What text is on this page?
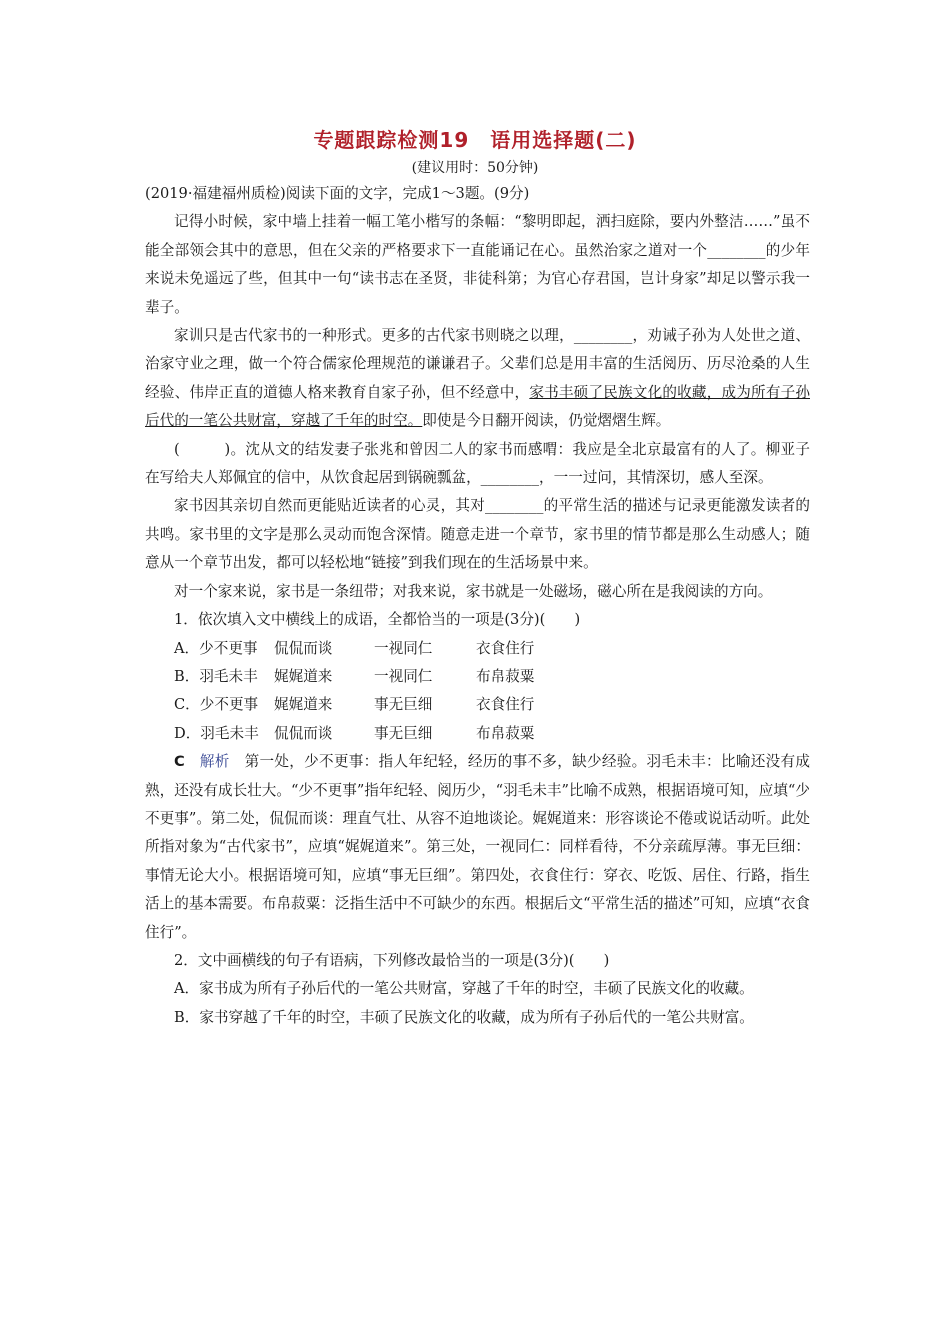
专题跟踪检测19　语用选择题(二)
(建议用时：50分钟)

(2019·福建福州质检)阅读下面的文字，完成1～3题。(9分)

记得小时候，家中墙上挂着一幅工笔小楷写的条幅：“黎明即起，洒扫庭除，要内外整洁……”虽不能全部领会其中的意思，但在父亲的严格要求下一直能诵记在心。虽然治家之道对一个________的少年来说未免遥远了些，但其中一句“读书志在圣贤，非徒科第；为官心存君国，岂计身家”却足以警示我一辈子。

家训只是古代家书的一种形式。更多的古代家书则晓之以理，________，劝诫子孙为人处世之道、治家守业之理，做一个符合儒家伦理规范的谦谦君子。父辈们总是用丰富的生活阅历、历尽沧桑的人生经验、伟岸正直的道德人格来教育自家子孙，但不经意中，家书丰硕了民族文化的收藏，成为所有子孙后代的一笔公共财富，穿越了千年的时空。即使是今日翻开阅读，仍觉熠熠生辉。

(　　　)。沈从文的结发妻子张兆和曾因二人的家书而感喟：我应是全北京最富有的人了。柳亚子在写给夫人郑佩宜的信中，从饮食起居到锅碗瓢盆，________，一一过问，其情深切，感人至深。

家书因其亲切自然而更能贴近读者的心灵，其对________的平常生活的描述与记录更能激发读者的共鸣。家书里的文字是那么灵动而饱含深情。随意走进一个章节，家书里的情节都是那么生动感人；随意从一个章节出发，都可以轻松地“链接”到我们现在的生活场景中来。

对一个家来说，家书是一条纽带；对我来说，家书就是一处磁场，磁心所在是我阅读的方向。

1．依次填入文中横线上的成语，全都恰当的一项是(3分)(　　)

A．少不更事 侃侃而谈	一视同仁	衣食住行

B．羽毛未丰 娓娓道来	一视同仁	布帛菽粟

C．少不更事 娓娓道来	事无巨细	衣食住行

D．羽毛未丰 侃侃而谈	事无巨细	布帛菽粟

C　 解析　 第一处，少不更事：指人年纪轻，经历的事不多，缺少经验。羽毛未丰：比喻还没有成熟，还没有成长壮大。“少不更事”指年纪轻、阅历少，“羽毛未丰”比喻不成熟，根据语境可知，应填“少不更事”。第二处，侃侃而谈：理直气壮、从容不迫地谈论。娓娓道来：形容谈论不倦或说话动听。此处所指对象为“古代家书”，应填“娓娓道来”。第三处，一视同仁：同样看待，不分亲疏厚薄。事无巨细：事情无论大小。根据语境可知，应填“事无巨细”。第四处，衣食住行：穿衣、吃饭、居住、行路，指生活上的基本需要。布帛菽粟：泛指生活中不可缺少的东西。根据后文“平常生活的描述”可知，应填“衣食住行”。

2．文中画横线的句子有语病，下列修改最恰当的一项是(3分)(　　)

A．家书成为所有子孙后代的一笔公共财富，穿越了千年的时空，丰硕了民族文化的收藏。

B．家书穿越了千年的时空，丰硕了民族文化的收藏，成为所有子孙后代的一笔公共财富。
